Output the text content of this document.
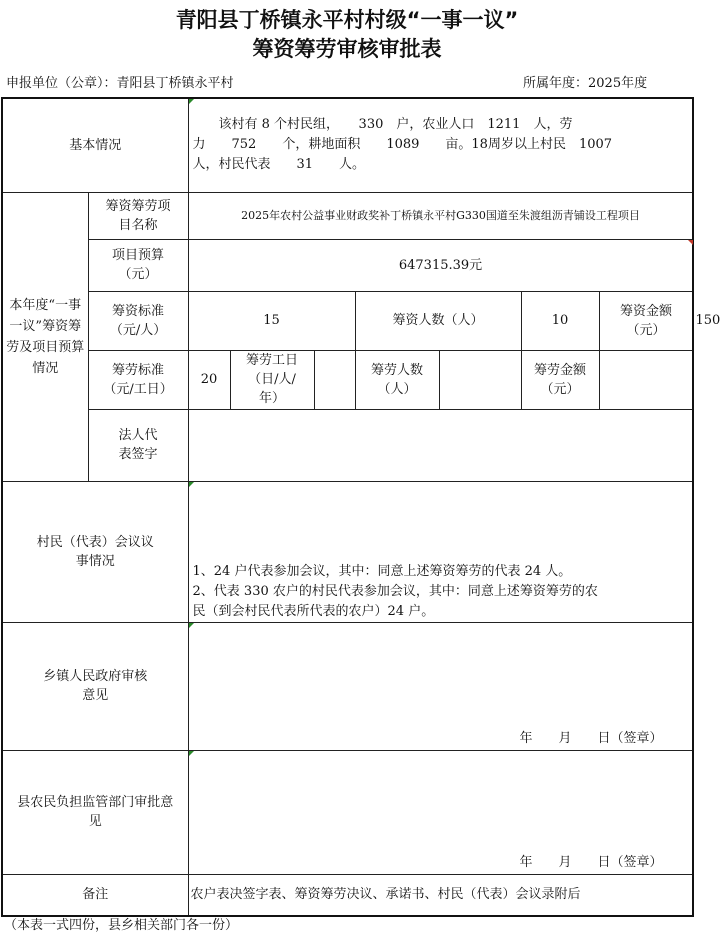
青阳县丁桥镇永平村村级“一事一议”
筹资筹劳审核审批表
申报单位（公章）：青阳县丁桥镇永平村	所属年度：2025年度
基本情况		　　该村有 8 个村民组，　　330　户，农业人口　1211　人，劳
力　　752　　个，耕地面积　　1089　　亩。18周岁以上村民　1007
人，村民代表　　31　　人。							

本年度“一事一议”筹资筹劳及项目预算情况	筹资筹劳项目名称	2025年农村公益事业财政奖补丁桥镇永平村G330国道至朱渡组沥青铺设工程项目							
	项目预算（元）	647315.39元							

	筹资标准（元/人）	15			筹资人数（人）		10	筹资金额（元）	150
	筹劳标准（元/工日）	20	筹劳工日（日/人/年）		筹劳人数（人）		筹劳金额（元）		
	法人代表签字								
村民（代表）会议议事情况		1、24 户代表参加会议，其中：同意上述筹资筹劳的代表 24 人。
2、代表 330 农户的村民代表参加会议，其中：同意上述筹资筹劳的农
民（到会村民代表所代表的农户）24 户。							

乡镇人民政府审核意见		年　　月　　日（签章）							

县农民负担监管部门审批意见		年　　月　　日（签章）							

备注		农户表决签字表、筹资筹劳决议、承诺书、村民（代表）会议录附后							
（本表一式四份，县乡相关部门各一份）
